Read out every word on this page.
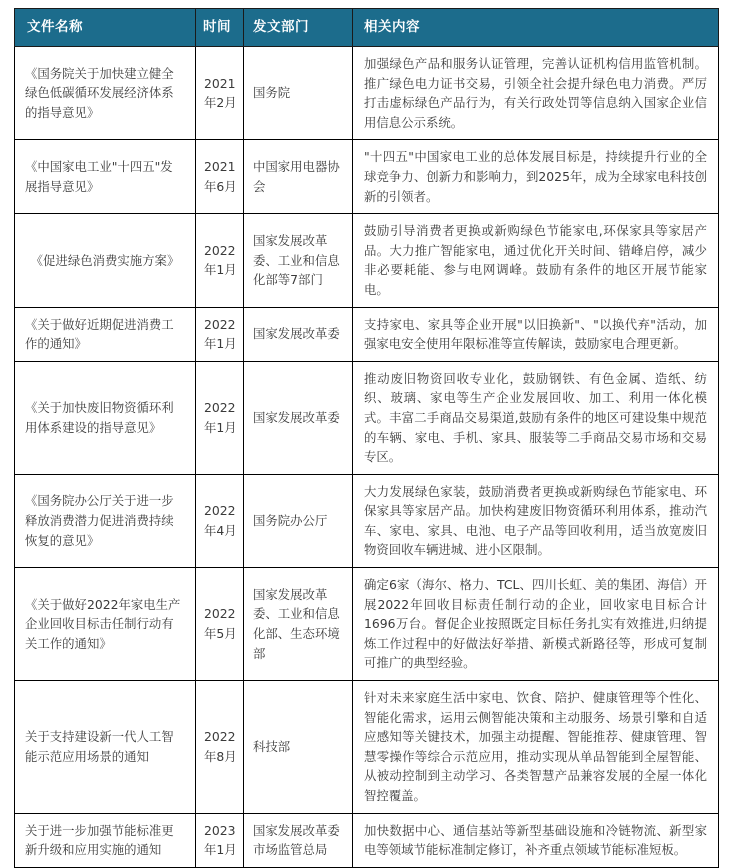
文件名称	时间	发文部门	相关内容
《国务院关于加快建立健全绿色低碳循环发展经济体系的指导意见》	2021年2月	国务院	加强绿色产品和服务认证管理，完善认证机构信用监管机制。推广绿色电力证书交易，引领全社会提升绿色电力消费。严厉打击虚标绿色产品行为，有关行政处罚等信息纳入国家企业信用信息公示系统。
《中国家电工业"十四五"发展指导意见》	2021年6月	中国家用电器协会	"十四五"中国家电工业的总体发展目标是，持续提升行业的全球竞争力、创新力和影响力，到2025年，成为全球家电科技创新的引领者。
《促进绿色消费实施方案》	2022年1月	国家发展改革委、工业和信息化部等7部门	鼓励引导消费者更换或新购绿色节能家电,环保家具等家居产品。大力推广智能家电，通过优化开关时间、错峰启停，减少非必要耗能、参与电网调峰。鼓励有条件的地区开展节能家电。
《关于做好近期促进消费工作的通知》	2022年1月	国家发展改革委	支持家电、家具等企业开展"以旧换新"、"以换代弃"活动，加强家电安全使用年限标准等宣传解读，鼓励家电合理更新。
《关于加快废旧物资循环利用体系建设的指导意见》	2022年1月	国家发展改革委	推动废旧物资回收专业化，鼓励钢铁、有色金属、造纸、纺织、玻璃、家电等生产企业发展回收、加工、利用一体化模式。丰富二手商品交易渠道,鼓励有条件的地区可建设集中规范的车辆、家电、手机、家具、服装等二手商品交易市场和交易专区。
《国务院办公厅关于进一步释放消费潜力促进消费持续恢复的意见》	2022年4月	国务院办公厅	大力发展绿色家装，鼓励消费者更换或新购绿色节能家电、环保家具等家居产品。加快构建废旧物资循环利用体系，推动汽车、家电、家具、电池、电子产品等回收利用，适当放宽废旧物资回收车辆进城、进小区限制。
《关于做好2022年家电生产企业回收目标击任制行动有关工作的通知》	2022年5月	国家发展改革委、工业和信息化部、生态环境部	确定6家（海尔、格力、TCL、四川长虹、美的集团、海信）开展2022年回收目标责任制行动的企业，回收家电目标合计1696万台。督促企业按照既定目标任务扎实有效推进,归纳提炼工作过程中的好做法好举措、新模式新路径等，形成可复制可推广的典型经验。
关于支持建设新一代人工智能示范应用场景的通知	2022年8月	科技部	针对未来家庭生活中家电、饮食、陪护、健康管理等个性化、智能化需求，运用云侧智能决策和主动服务、场景引擎和自适应感知等关键技术，加强主动提醒、智能推荐、健康管理、智慧零操作等综合示范应用，推动实现从单品智能到全屋智能、从被动控制到主动学习、各类智慧产品兼容发展的全屋一体化智控覆盖。
关于进一步加强节能标准更新升级和应用实施的通知	2023年1月	国家发展改革委市场监管总局	加快数据中心、通信基站等新型基础设施和冷链物流、新型家电等领域节能标准制定修订，补齐重点领域节能标准短板。
